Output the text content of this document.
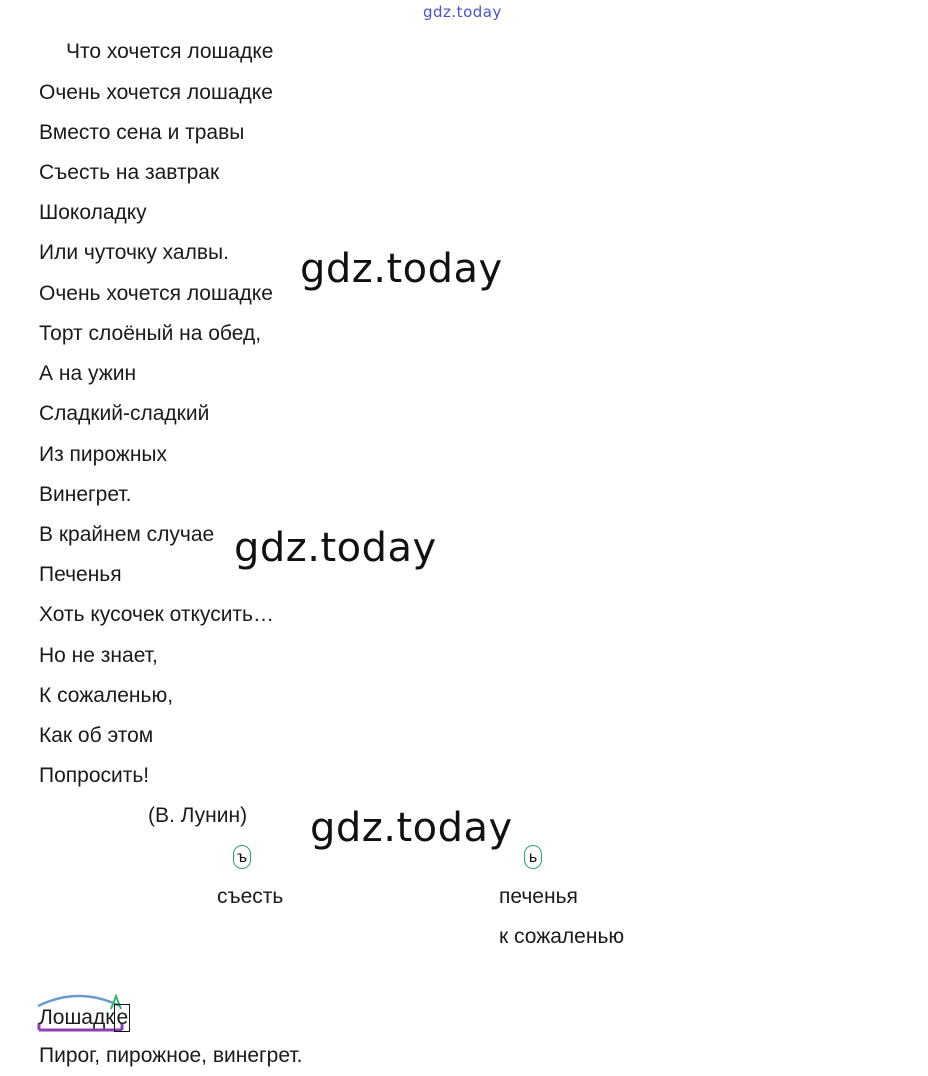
gdz.today
Что хочется лошадке
Очень хочется лошадке
Вместо сена и травы
Съесть на завтрак
Шоколадку
Или чуточку халвы.
Очень хочется лошадке
Торт слоёный на обед,
А на ужин
Сладкий-сладкий
Из пирожных
Винегрет.
В крайнем случае
Печенья
Хоть кусочек откусить…
Но не знает,
К сожаленью,
Как об этом
Попросить!
(В. Лунин)
gdz.today
gdz.today
gdz.today
ъ
съесть
ь
печенья
к сожаленью
Лошадке
Пирог, пирожное, винегрет.
